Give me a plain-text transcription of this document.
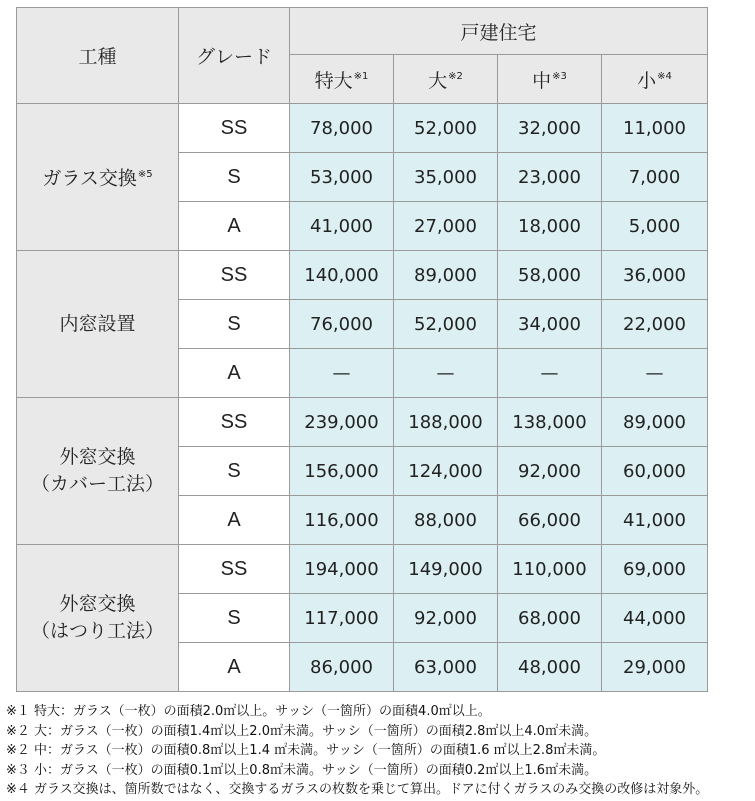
工種	グレード	戸建住宅			
		特大$^{※1}$	大$^{※2}$	中$^{※3}$	小$^{※4}$
ガラス交換$^{※5}$	SS	78,000	52,000	32,000	11,000
	S	53,000	35,000	23,000	7,000
	A	41,000	27,000	18,000	5,000
内窓設置	SS	140,000	89,000	58,000	36,000
	S	76,000	52,000	34,000	22,000
	A	—	—	—	—
外窓交換
（カバー工法）	SS	239,000	188,000	138,000	89,000
	S	156,000	124,000	92,000	60,000
	A	116,000	88,000	66,000	41,000
外窓交換
（はつり工法）	SS	194,000	149,000	110,000	69,000
	S	117,000	92,000	68,000	44,000
	A	86,000	63,000	48,000	29,000
※１ 特大：ガラス（一枚）の面積2.0㎡以上。サッシ（一箇所）の面積4.0㎡以上。
※２ 大：ガラス（一枚）の面積1.4㎡以上2.0㎡未満。サッシ（一箇所）の面積2.8㎡以上4.0㎡未満。
※２ 中：ガラス（一枚）の面積0.8㎡以上1.4 ㎡未満。サッシ（一箇所）の面積1.6 ㎡以上2.8㎡未満。
※３ 小：ガラス（一枚）の面積0.1㎡以上0.8㎡未満。サッシ（一箇所）の面積0.2㎡以上1.6㎡未満。
※４ ガラス交換は、箇所数ではなく、交換するガラスの枚数を乗じて算出。ドアに付くガラスのみ交換の改修は対象外。
